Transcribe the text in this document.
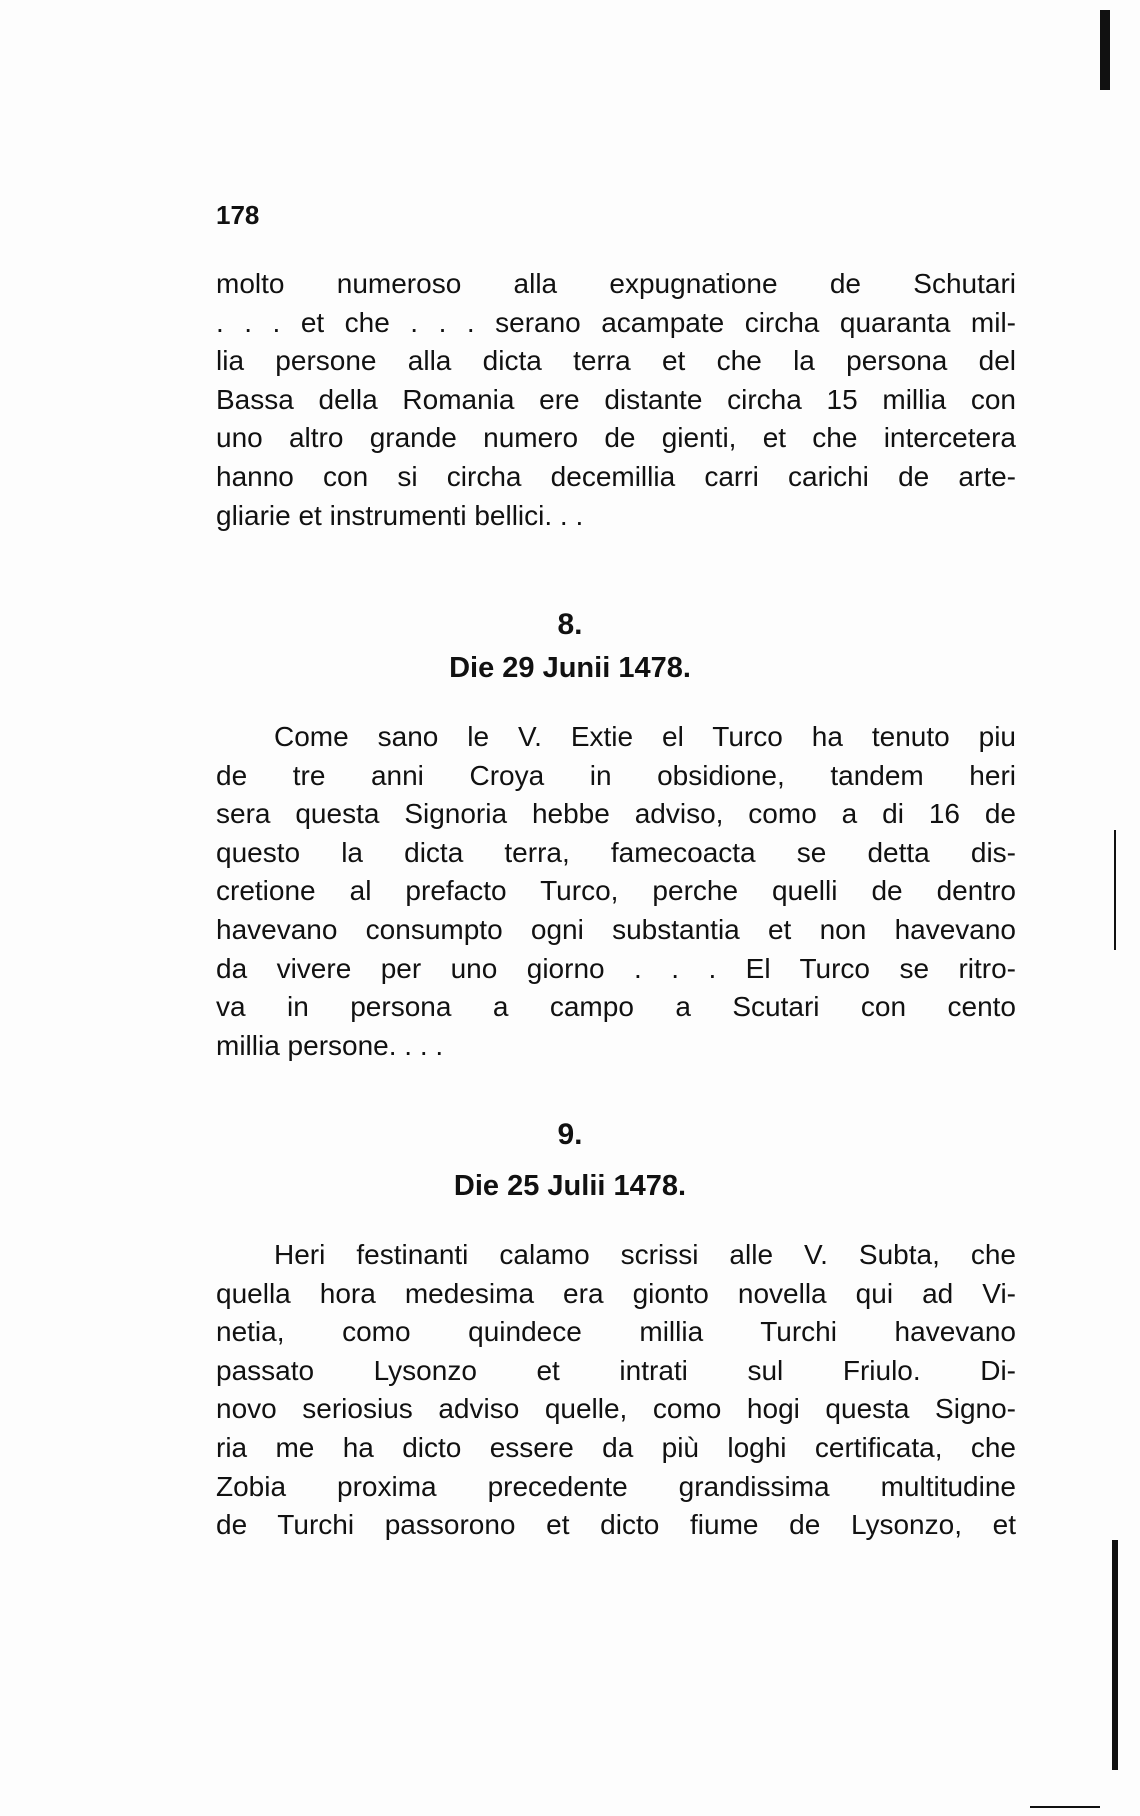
178
molto numeroso alla expugnatione de Schutari
. . . et che . . . serano acampate circha quaranta mil-
lia persone alla dicta terra et che la persona del
Bassa della Romania ere distante circha 15 millia con
uno altro grande numero de gienti, et che intercetera
hanno con si circha decemillia carri carichi de arte-
gliarie et instrumenti bellici. . .
8.
Die 29 Junii 1478.
Come sano le V. Extie el Turco ha tenuto piu
de tre anni Croya in obsidione, tandem heri
sera questa Signoria hebbe adviso, como a di 16 de
questo la dicta terra, famecoacta se detta dis-
cretione al prefacto Turco, perche quelli de dentro
havevano consumpto ogni substantia et non havevano
da vivere per uno giorno . . . El Turco se ritro-
va in persona a campo a Scutari con cento
millia persone. . . .
9.
Die 25 Julii 1478.
Heri festinanti calamo scrissi alle V. Subta, che
quella hora medesima era gionto novella qui ad Vi-
netia, como quindece millia Turchi havevano
passato Lysonzo et intrati sul Friulo. Di-
novo seriosius adviso quelle, como hogi questa Signo-
ria me ha dicto essere da più loghi certificata, che
Zobia proxima precedente grandissima multitudine
de Turchi passorono et dicto fiume de Lysonzo, et
